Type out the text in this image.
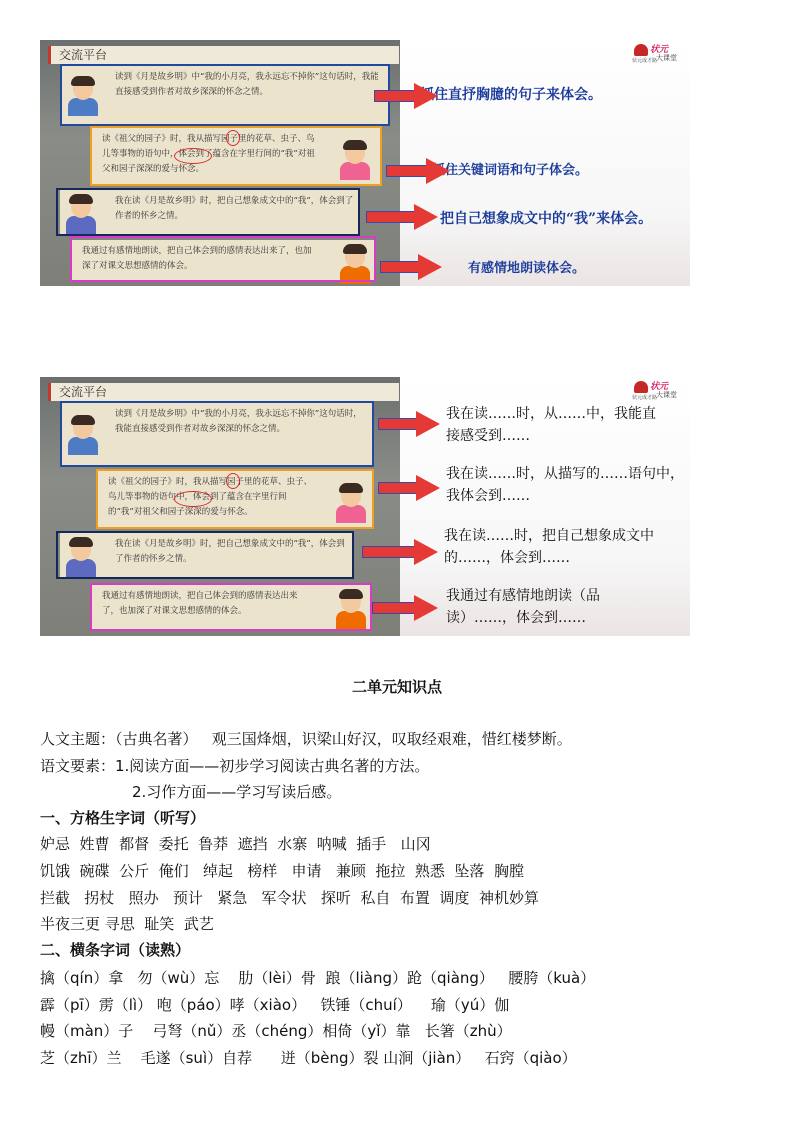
交流平台
读到《月是故乡明》中“我的小月亮，我永远忘不掉你”这句话时，我能直接感受到作者对故乡深深的怀念之情。
读《祖父的园子》时，我从描写园子里的花草、虫子、鸟儿等事物的语句中，体会到了蕴含在字里行间的“我”对祖父和园子深深的爱与怀念。
我在读《月是故乡明》时，把自己想象成文中的“我”，体会到了作者的怀乡之情。
我通过有感情地朗读，把自己体会到的感情表达出来了，也加深了对课文思想感情的体会。
状元
大课堂
状元成才路
抓住直抒胸臆的句子来体会。
抓住关键词语和句子体会。
把自己想象成文中的“我”来体会。
有感情地朗读体会。
交流平台
读到《月是故乡明》中“我的小月亮，我永远忘不掉你”这句话时，我能直接感受到作者对故乡深深的怀念之情。
读《祖父的园子》时，我从描写园子里的花草、虫子、鸟儿等事物的语句中，体会到了蕴含在字里行间的“我”对祖父和园子深深的爱与怀念。
我在读《月是故乡明》时，把自己想象成文中的“我”，体会到了作者的怀乡之情。
我通过有感情地朗读，把自己体会到的感情表达出来了，也加深了对课文思想感情的体会。
状元
大课堂
状元成才路
我在读……时，从……中，我能直接感受到……
我在读……时，从描写的……语句中，我体会到……
我在读……时，把自己想象成文中的……，体会到……
我通过有感情地朗读（品读）……，体会到……
二单元知识点
人文主题：（古典名著）   观三国烽烟，识梁山好汉，叹取经艰难，惜红楼梦断。
语文要素：1.阅读方面——初步学习阅读古典名著的方法。
2.习作方面——学习写读后感。
一、方格生字词（听写）
妒忌  姓曹  都督  委托  鲁莽  遮挡  水寨  呐喊  插手   山冈
饥饿  碗碟  公斤  俺们   绰起   榜样   申请   兼顾  拖拉  熟悉  坠落  胸膛
拦截   拐杖   照办   预计   紧急   军令状   探听  私自  布置  调度  神机妙算
半夜三更 寻思  耻笑  武艺
二、横条字词（读熟）
擒（qín）拿   勿（wù）忘    肋（lèi）骨  踉（liàng）跄（qiàng）   腰胯（kuà）
霹（pī）雳（lì） 咆（páo）哮（xiào）   铁锤（chuí）    瑜（yú）伽
幔（màn）子    弓弩（nǔ）丞（chéng）相倚（yǐ）靠   长箸（zhù）
芝（zhī）兰    毛遂（suì）自荐      迸（bèng）裂 山涧（jiàn）   石窍（qiào）
